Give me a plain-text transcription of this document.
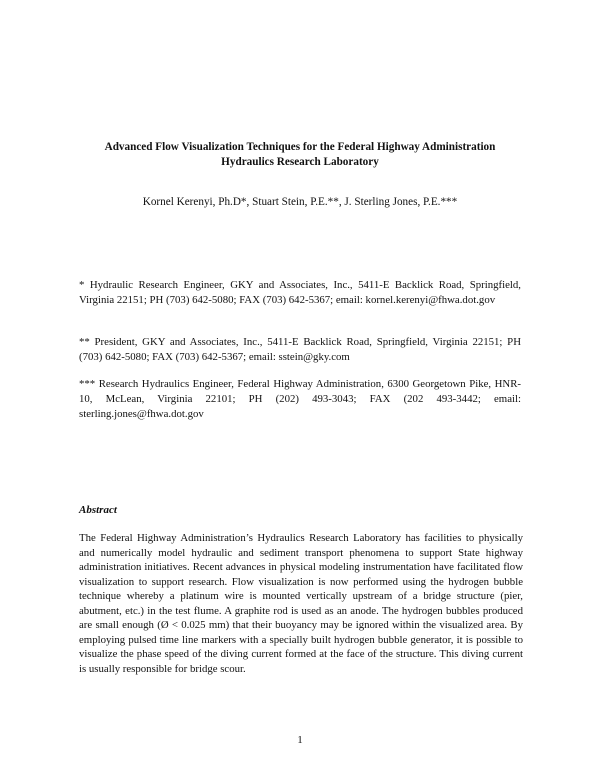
Advanced Flow Visualization Techniques for the Federal Highway Administration
Hydraulics Research Laboratory
Kornel Kerenyi, Ph.D*, Stuart Stein, P.E.**, J. Sterling Jones, P.E.***
* Hydraulic Research Engineer, GKY and Associates, Inc., 5411-E Backlick Road, Springfield, Virginia 22151; PH (703) 642-5080; FAX (703) 642-5367; email: kornel.kerenyi@fhwa.dot.gov
** President, GKY and Associates, Inc., 5411-E Backlick Road, Springfield, Virginia 22151; PH (703) 642-5080; FAX (703) 642-5367; email: sstein@gky.com
*** Research Hydraulics Engineer, Federal Highway Administration, 6300 Georgetown Pike, HNR-10, McLean, Virginia 22101; PH (202) 493-3043; FAX (202 493-3442; email: sterling.jones@fhwa.dot.gov
Abstract
The Federal Highway Administration’s Hydraulics Research Laboratory has facilities to physically and numerically model hydraulic and sediment transport phenomena to support State highway administration initiatives. Recent advances in physical modeling instrumentation have facilitated flow visualization to support research. Flow visualization is now performed using the hydrogen bubble technique whereby a platinum wire is mounted vertically upstream of a bridge structure (pier, abutment, etc.) in the test flume. A graphite rod is used as an anode. The hydrogen bubbles produced are small enough (Ø < 0.025 mm) that their buoyancy may be ignored within the visualized area. By employing pulsed time line markers with a specially built hydrogen bubble generator, it is possible to visualize the phase speed of the diving current formed at the face of the structure. This diving current is usually responsible for bridge scour.
1
